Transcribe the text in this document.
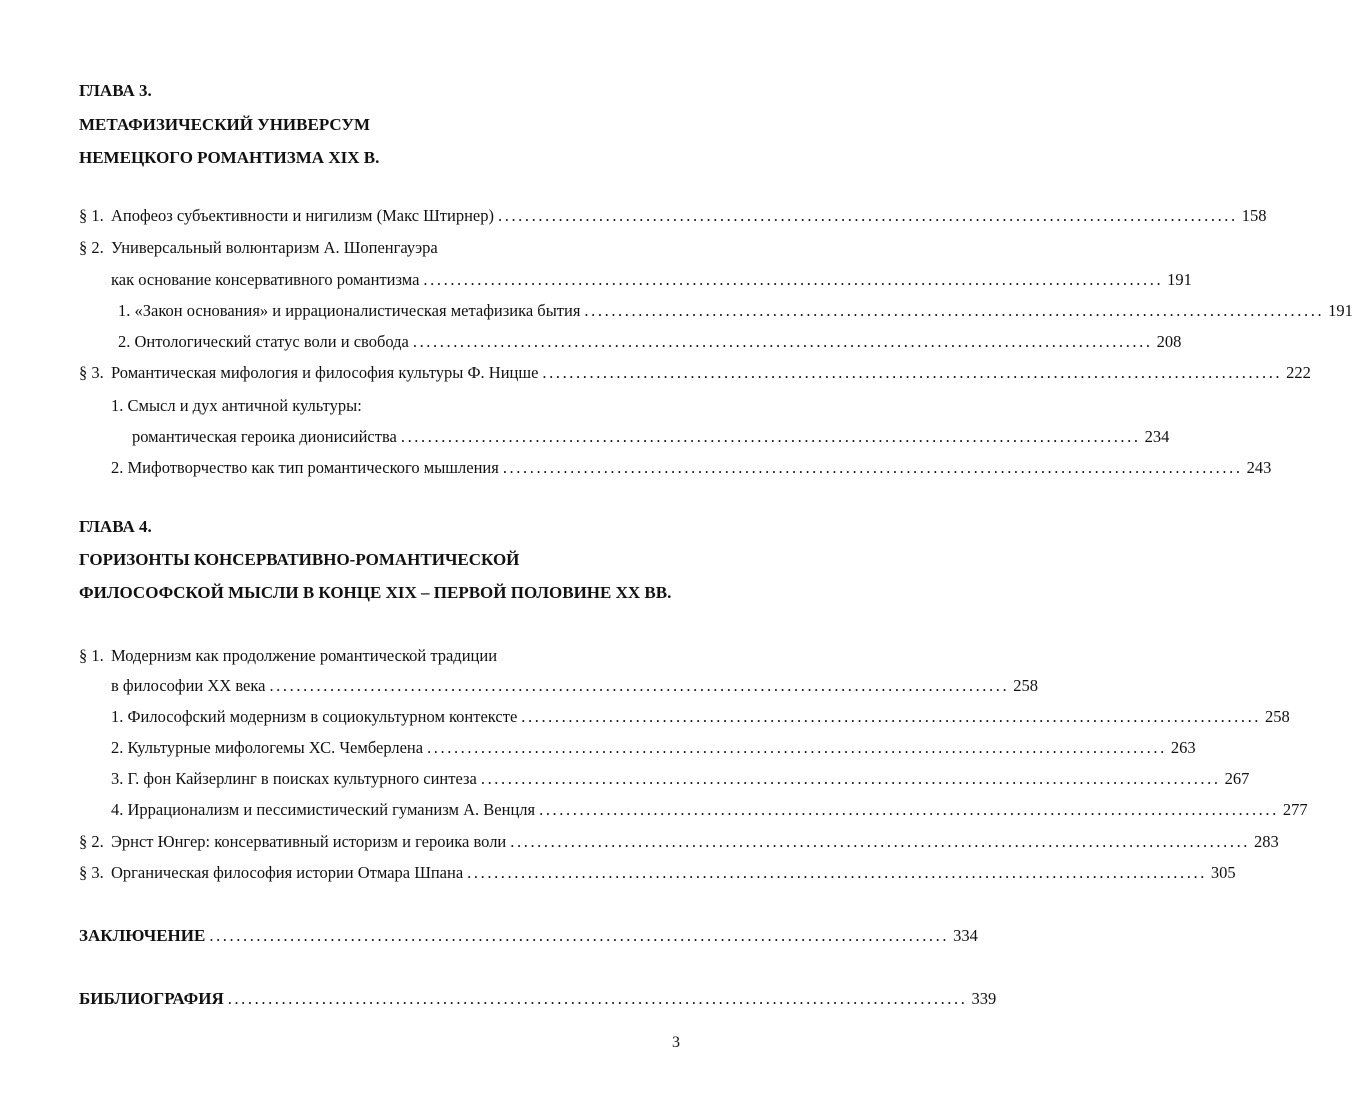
ГЛАВА 3.
МЕТАФИЗИЧЕСКИЙ УНИВЕРСУМ
НЕМЕЦКОГО РОМАНТИЗМА XIX В.
§ 1. Апофеоз субъективности и нигилизм (Макс Штирнер) .............................................................................................................. 158
§ 2. Универсальный волюнтаризм А. Шопенгауэра
как основание консервативного романтизма .............................................................................................................. 191
1. «Закон основания» и иррационалистическая метафизика бытия .............................................................................................................. 191
2. Онтологический статус воли и свобода .............................................................................................................. 208
§ 3. Романтическая мифология и философия культуры Ф. Ницше .............................................................................................................. 222
1. Смысл и дух античной культуры:
романтическая героика дионисийства .............................................................................................................. 234
2. Мифотворчество как тип романтического мышления .............................................................................................................. 243
ГЛАВА 4.
ГОРИЗОНТЫ КОНСЕРВАТИВНО-РОМАНТИЧЕСКОЙ
ФИЛОСОФСКОЙ МЫСЛИ В КОНЦЕ XIX – ПЕРВОЙ ПОЛОВИНЕ XX ВВ.
§ 1. Модернизм как продолжение романтической традиции
в философии XX века .............................................................................................................. 258
1. Философский модернизм в социокультурном контексте .............................................................................................................. 258
2. Культурные мифологемы ХС. Чемберлена .............................................................................................................. 263
3. Г. фон Кайзерлинг в поисках культурного синтеза .............................................................................................................. 267
4. Иррационализм и пессимистический гуманизм А. Венцля .............................................................................................................. 277
§ 2. Эрнст Юнгер: консервативный историзм и героика воли .............................................................................................................. 283
§ 3. Органическая философия истории Отмара Шпана .............................................................................................................. 305
ЗАКЛЮЧЕНИЕ .............................................................................................................. 334
БИБЛИОГРАФИЯ .............................................................................................................. 339
3
